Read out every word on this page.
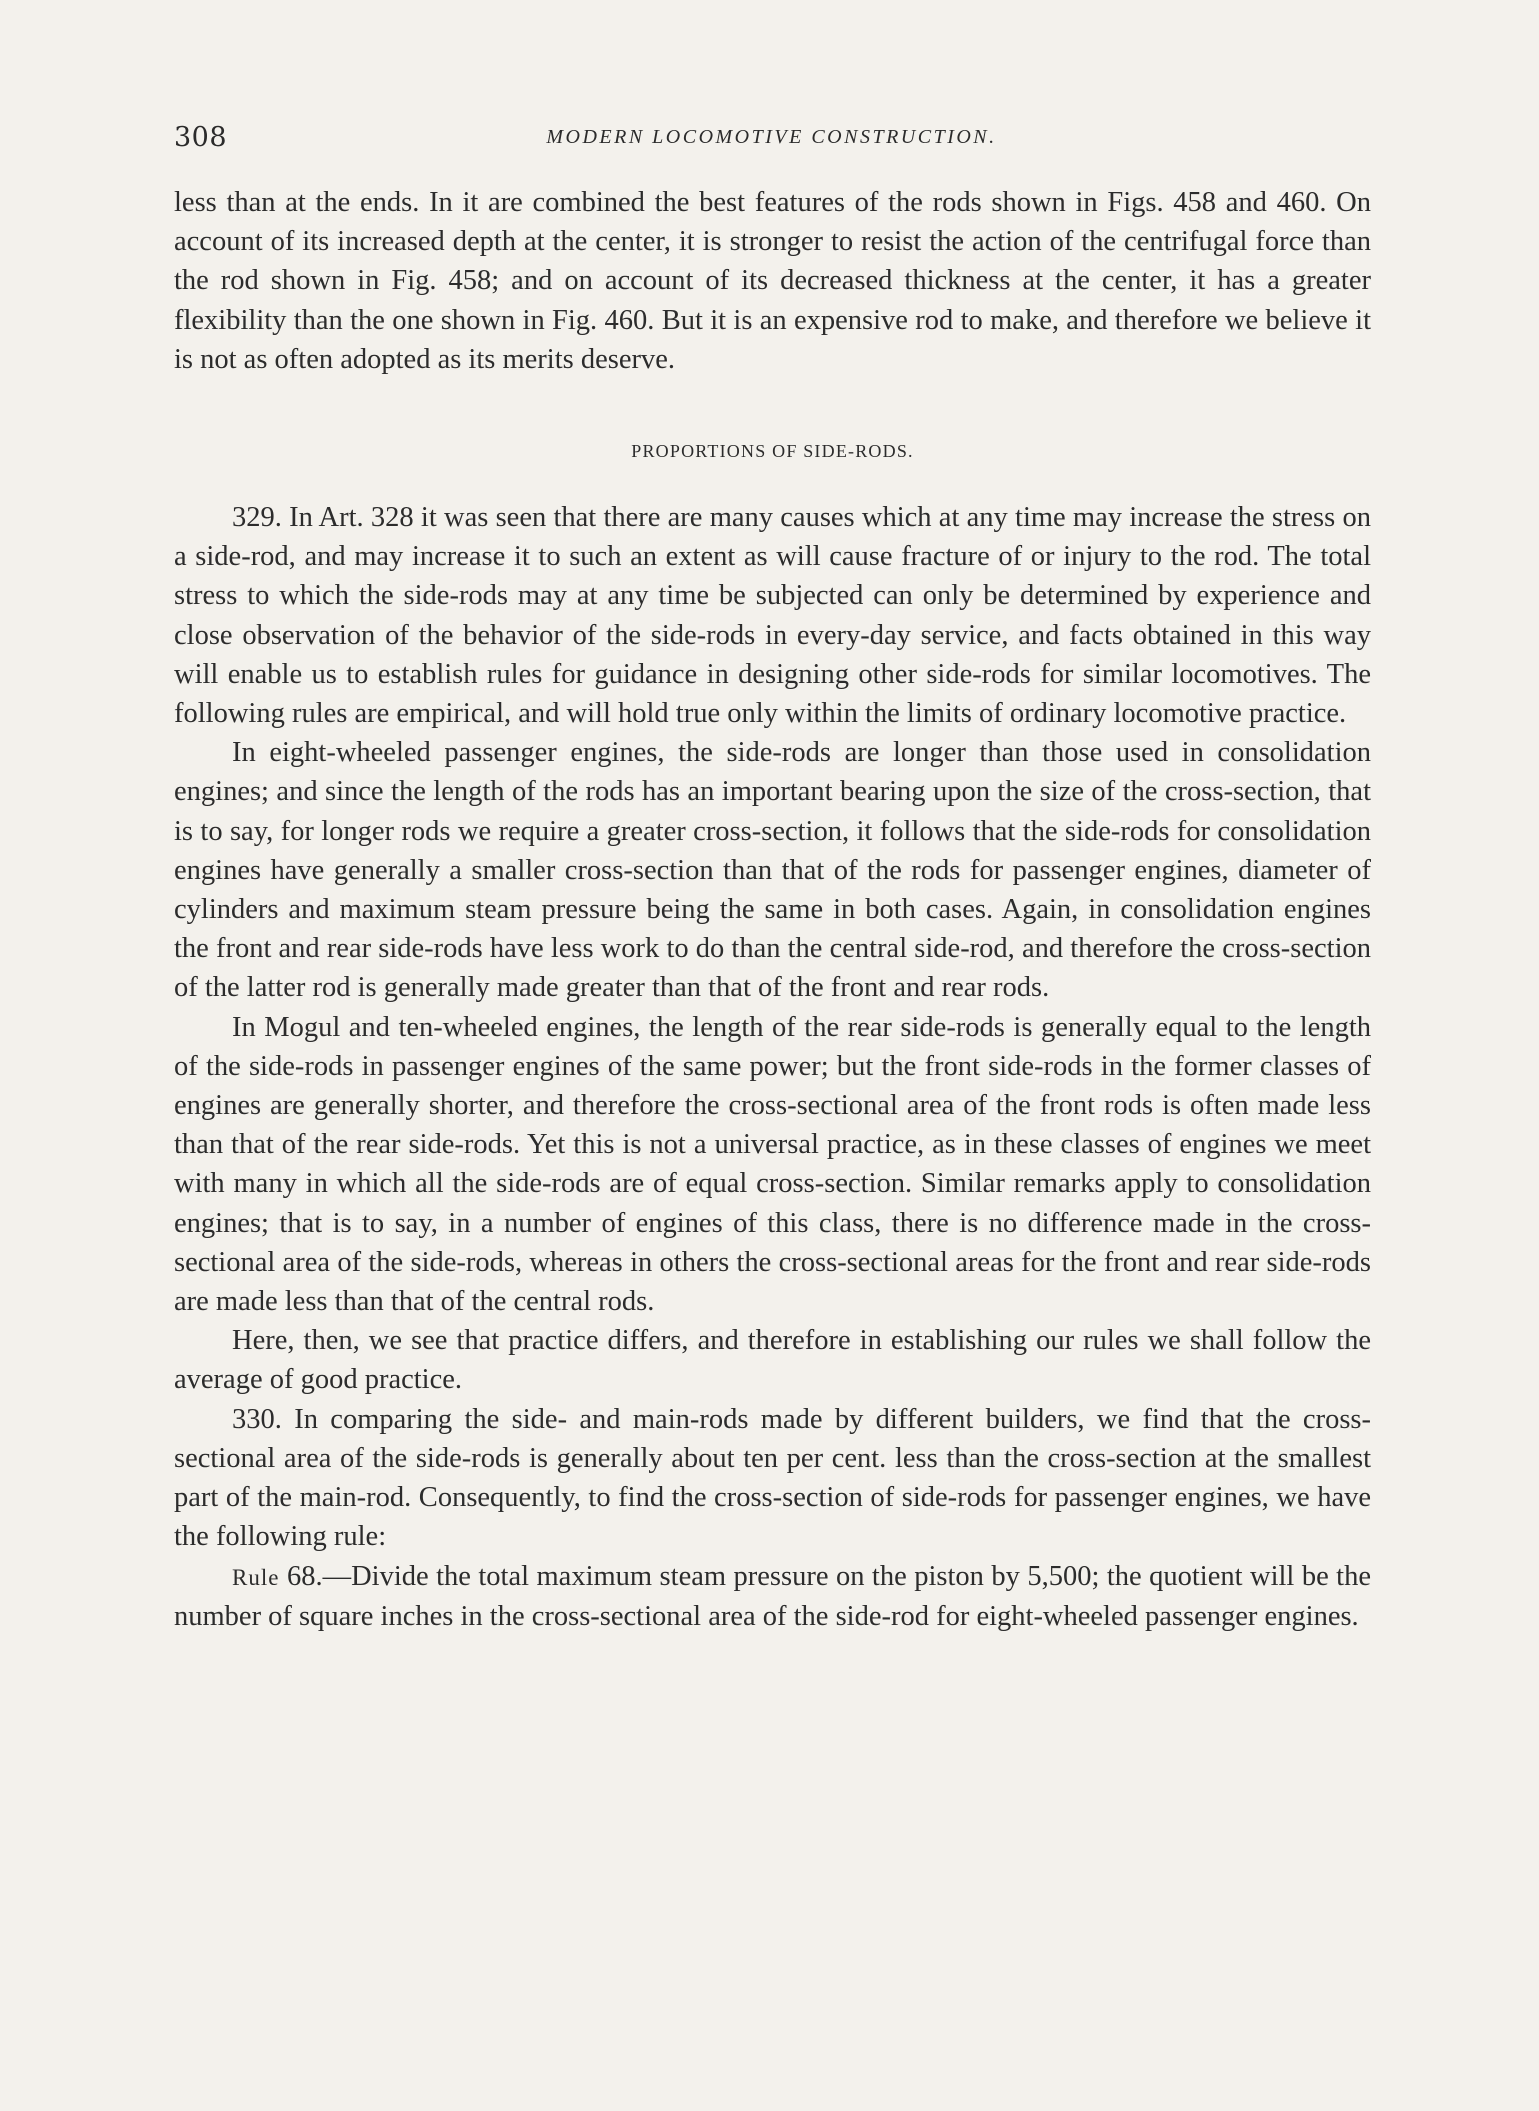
308	MODERN LOCOMOTIVE CONSTRUCTION.

less than at the ends. In it are combined the best features of the rods shown in Figs. 458 and 460. On account of its increased depth at the center, it is stronger to resist the action of the centrifugal force than the rod shown in Fig. 458; and on account of its decreased thickness at the center, it has a greater flexibility than the one shown in Fig. 460. But it is an expensive rod to make, and therefore we believe it is not as often adopted as its merits deserve.

PROPORTIONS OF SIDE-RODS.

329. In Art. 328 it was seen that there are many causes which at any time may increase the stress on a side-rod, and may increase it to such an extent as will cause fracture of or injury to the rod. The total stress to which the side-rods may at any time be subjected can only be determined by experience and close observation of the behavior of the side-rods in every-day service, and facts obtained in this way will enable us to establish rules for guidance in designing other side-rods for similar locomotives. The following rules are empirical, and will hold true only within the limits of ordinary locomotive practice.

In eight-wheeled passenger engines, the side-rods are longer than those used in consolidation engines; and since the length of the rods has an important bearing upon the size of the cross-section, that is to say, for longer rods we require a greater cross-section, it follows that the side-rods for consolidation engines have generally a smaller cross-section than that of the rods for passenger engines, diameter of cylinders and maximum steam pressure being the same in both cases. Again, in consolidation engines the front and rear side-rods have less work to do than the central side-rod, and therefore the cross-section of the latter rod is generally made greater than that of the front and rear rods.

In Mogul and ten-wheeled engines, the length of the rear side-rods is generally equal to the length of the side-rods in passenger engines of the same power; but the front side-rods in the former classes of engines are generally shorter, and therefore the cross-sectional area of the front rods is often made less than that of the rear side-rods. Yet this is not a universal practice, as in these classes of engines we meet with many in which all the side-rods are of equal cross-section. Similar remarks apply to consolidation engines; that is to say, in a number of engines of this class, there is no difference made in the cross-sectional area of the side-rods, whereas in others the cross-sectional areas for the front and rear side-rods are made less than that of the central rods.

Here, then, we see that practice differs, and therefore in establishing our rules we shall follow the average of good practice.

330. In comparing the side- and main-rods made by different builders, we find that the cross-sectional area of the side-rods is generally about ten per cent. less than the cross-section at the smallest part of the main-rod. Consequently, to find the cross-section of side-rods for passenger engines, we have the following rule:

Rule 68.—Divide the total maximum steam pressure on the piston by 5,500; the quotient will be the number of square inches in the cross-sectional area of the side-rod for eight-wheeled passenger engines.
